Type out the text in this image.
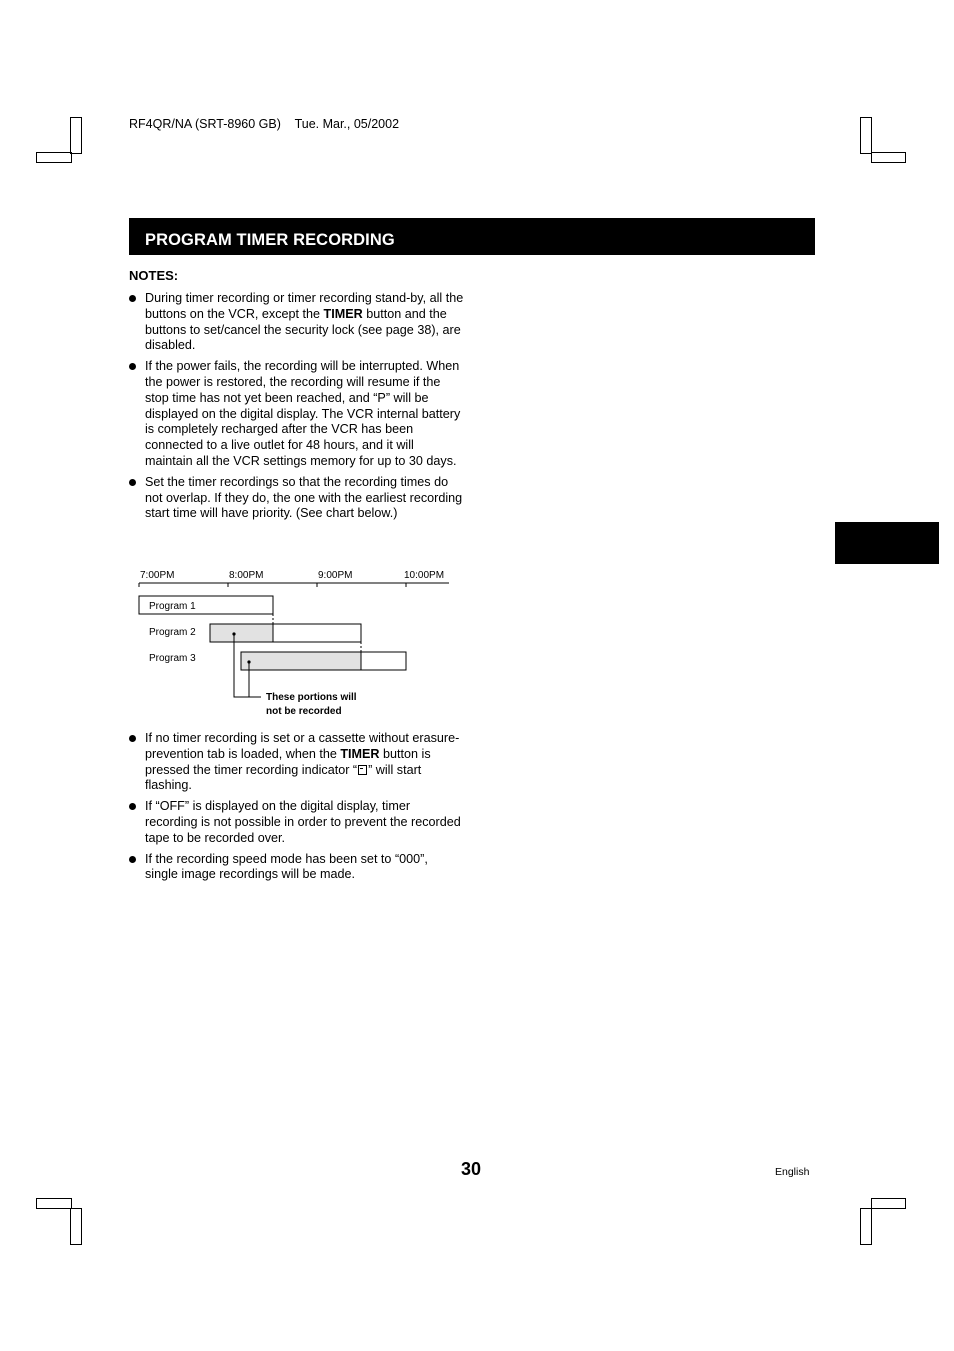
RF4QR/NA (SRT-8960 GB)    Tue. Mar., 05/2002
PROGRAM TIMER RECORDING
NOTES:
During timer recording or timer recording stand-by, all the buttons on the VCR, except the TIMER button and the buttons to set/cancel the security lock (see page 38), are disabled.
If the power fails, the recording will be interrupted. When the power is restored, the recording will resume if the stop time has not yet been reached, and “P” will be displayed on the digital display. The VCR internal battery is completely recharged after the VCR has been connected to a live outlet for 48 hours, and it will maintain all the VCR settings memory for up to 30 days.
Set the timer recordings so that the recording times do not overlap. If they do, the one with the earliest recording start time will have priority. (See chart below.)
7:00PM	8:00PM	9:00PM	10:00PM
Program 1
Program 2
Program 3
These portions will
not be recorded
If no timer recording is set or a cassette without erasure-prevention tab is loaded, when the TIMER button is pressed the timer recording indicator “ ” will start flashing.
If “OFF” is displayed on the digital display, timer recording is not possible in order to prevent the recorded tape to be recorded over.
If the recording speed mode has been set to “000”, single image recordings will be made.
30	English
